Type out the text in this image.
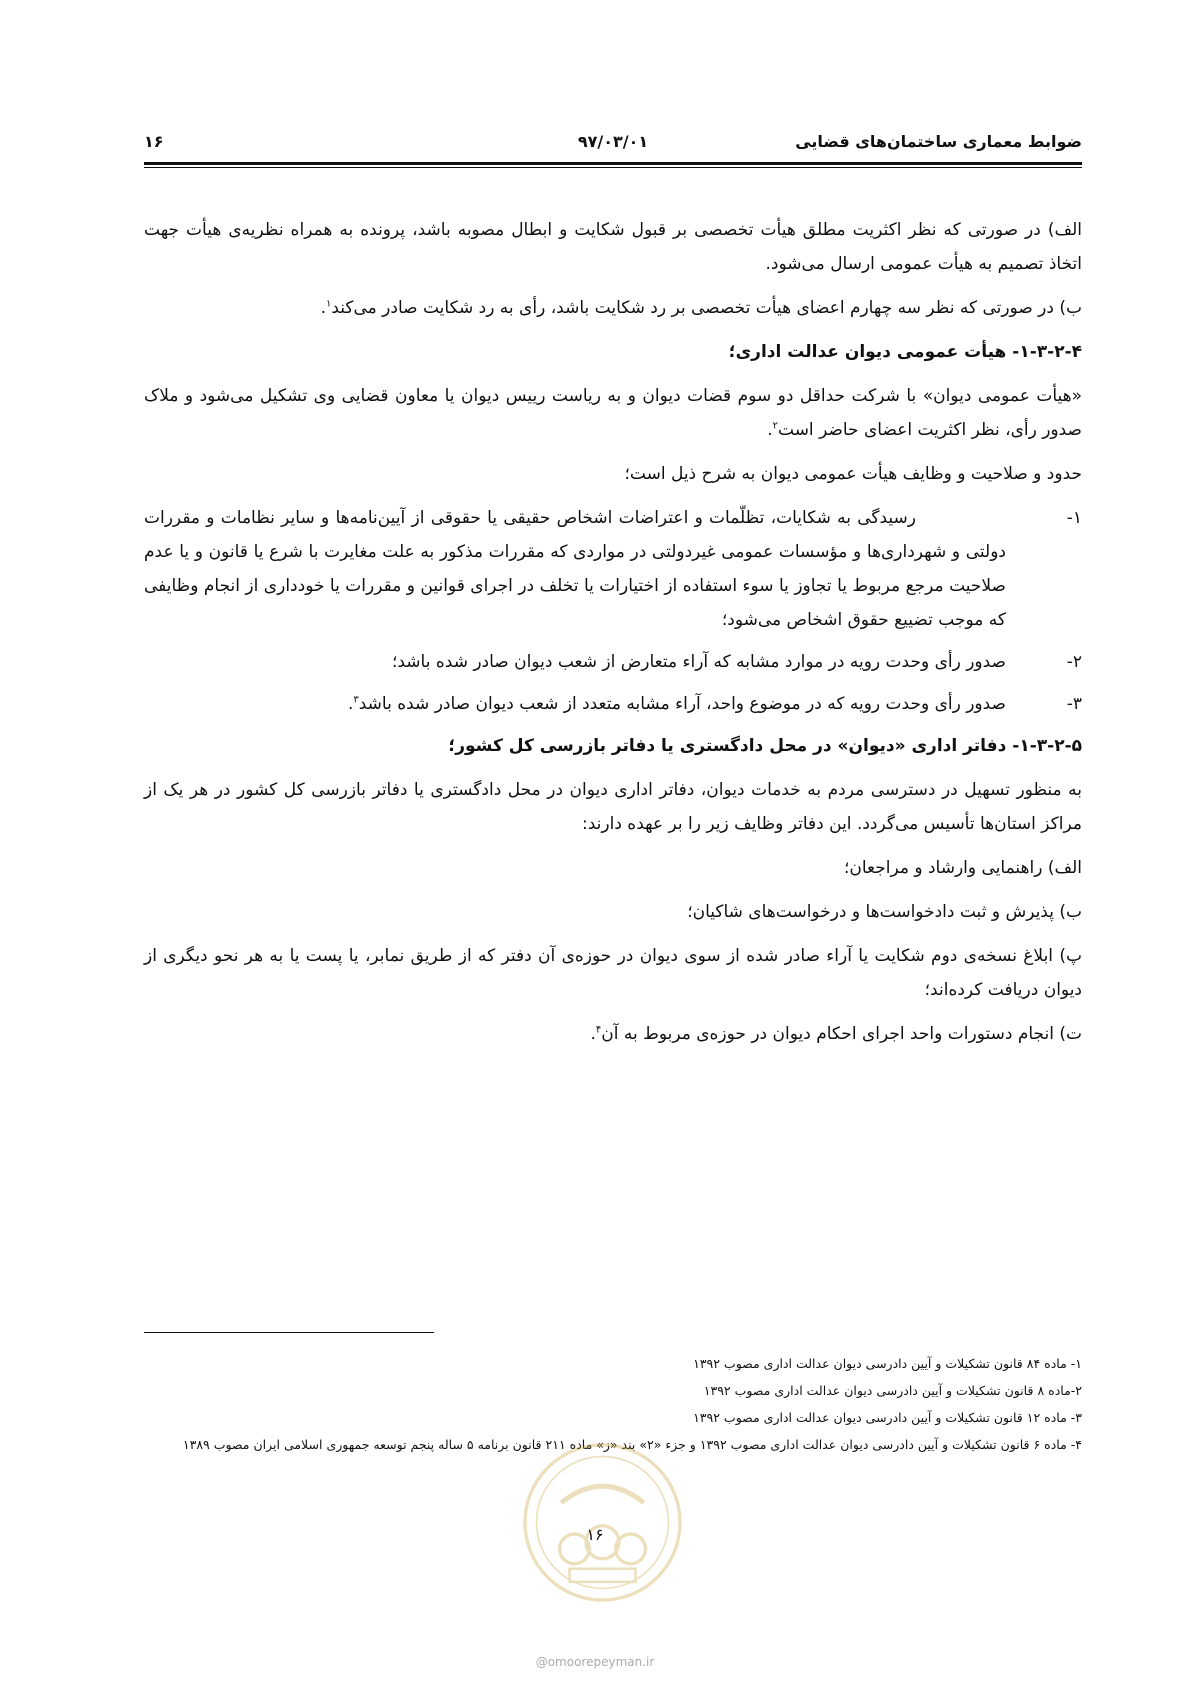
ضوابط معماری ساختمان‌های قضایی
۹۷/۰۳/۰۱
۱۶

الف) در صورتی که نظر اکثریت مطلق هیأت تخصصی بر قبول شکایت و ابطال مصوبه باشد، پرونده به همراه نظریه‌ی هیأت جهت اتخاذ تصمیم به هیأت عمومی ارسال می‌شود.

ب) در صورتی که نظر سه چهارم اعضای هیأت تخصصی بر رد شکایت باشد، رأی به رد شکایت صادر می‌کند$^۱$.

۱-۳-۲-۴- هیأت عمومی دیوان عدالت اداری؛

«هیأت عمومی دیوان» با شرکت حداقل دو سوم قضات دیوان و به ریاست رییس دیوان یا معاون قضایی وی تشکیل می‌شود و ملاک صدور رأی، نظر اکثریت اعضای حاضر است$^۲$.

حدود و صلاحیت و وظایف هیأت عمومی دیوان به شرح ذیل است؛

۱-
رسیدگی به شکایات، تظلّمات و اعتراضات اشخاص حقیقی یا حقوقی از آیین‌نامه‌ها و سایر نظامات و مقررات دولتی و شهرداری‌ها و مؤسسات عمومی غیردولتی در مواردی که مقررات مذکور به علت مغایرت با شرع یا قانون و یا عدم صلاحیت مرجع مربوط یا تجاوز یا سوء استفاده از اختیارات یا تخلف در اجرای قوانین و مقررات یا خودداری از انجام وظایفی که موجب تضییع حقوق اشخاص می‌شود؛
۲-
صدور رأی وحدت رویه در موارد مشابه که آراء متعارض از شعب دیوان صادر شده باشد؛
۳-
صدور رأی وحدت رویه که در موضوع واحد، آراء مشابه متعدد از شعب دیوان صادر شده باشد$^۳$.

۱-۳-۲-۵- دفاتر اداری «دیوان» در محل دادگستری یا دفاتر بازرسی کل کشور؛

به منظور تسهیل در دسترسی مردم به خدمات دیوان، دفاتر اداری دیوان در محل دادگستری یا دفاتر بازرسی کل کشور در هر یک از مراکز استان‌ها تأسیس می‌گردد. این دفاتر وظایف زیر را بر عهده دارند:

الف) راهنمایی وارشاد و مراجعان؛

ب) پذیرش و ثبت دادخواست‌ها و درخواست‌های شاکیان؛

پ) ابلاغ نسخه‌ی دوم شکایت یا آراء صادر شده از سوی دیوان در حوزه‌ی آن دفتر که از طریق نمابر، یا پست یا به هر نحو دیگری از دیوان دریافت کرده‌اند؛

ت) انجام دستورات واحد اجرای احکام دیوان در حوزه‌ی مربوط به آن$^۴$.

۱- ماده ۸۴ قانون تشکیلات و آیین دادرسی دیوان عدالت اداری مصوب ۱۳۹۲
۲-ماده ۸ قانون تشکیلات و آیین دادرسی دیوان عدالت اداری مصوب ۱۳۹۲
۳- ماده ۱۲ قانون تشکیلات و آیین دادرسی دیوان عدالت اداری مصوب ۱۳۹۲
۴- ماده ۶ قانون تشکیلات و آیین دادرسی دیوان عدالت اداری مصوب ۱۳۹۲ و جزء «۲» بند «ز» ماده ۲۱۱ قانون برنامه ۵ ساله پنجم توسعه جمهوری اسلامی ایران مصوب ۱۳۸۹
۱۶
@omoorepeyman.ir
